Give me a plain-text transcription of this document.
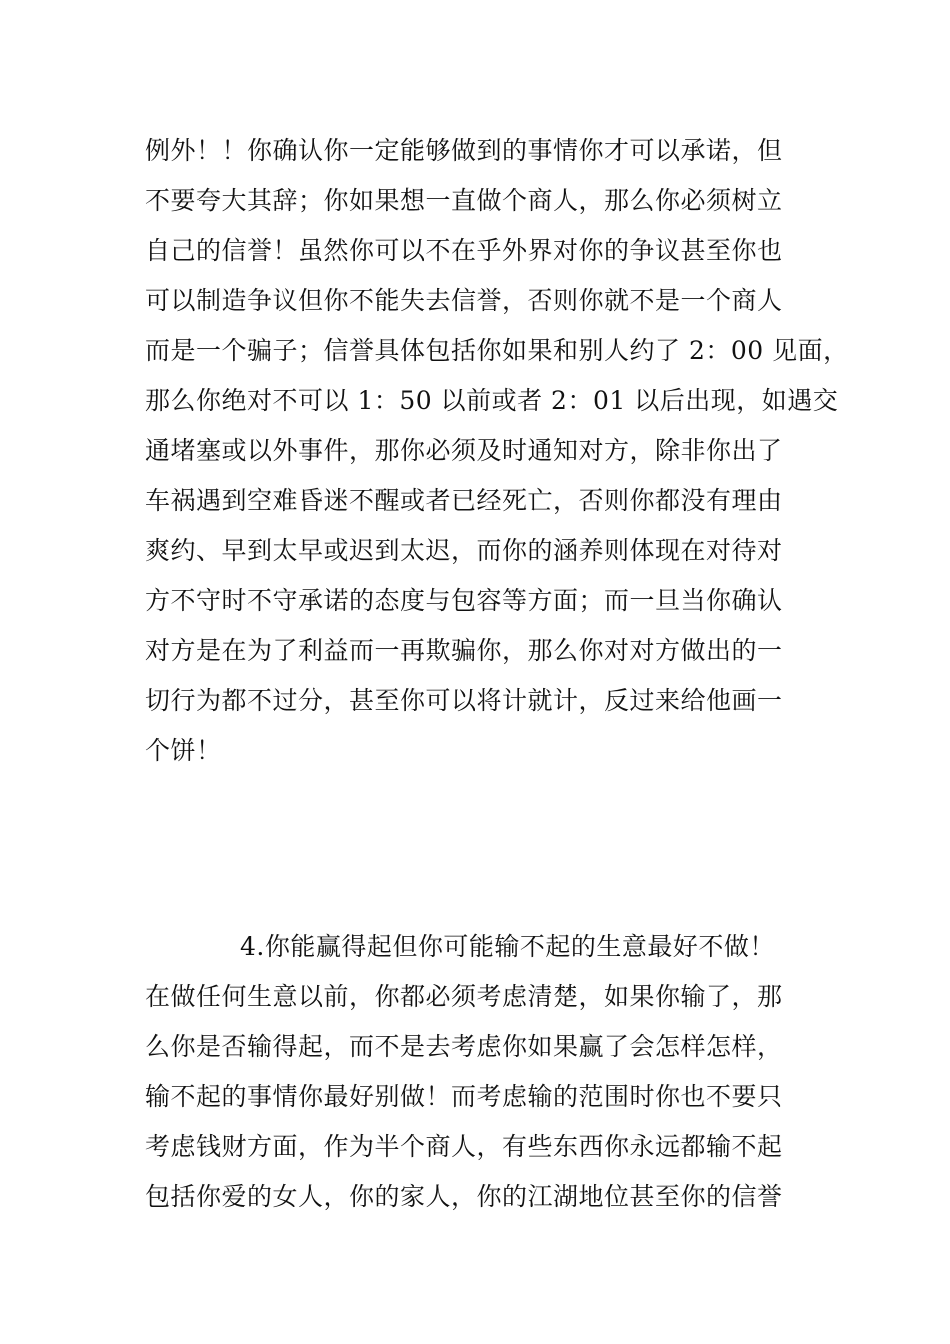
例外！！你确认你一定能够做到的事情你才可以承诺，但
不要夸大其辞；你如果想一直做个商人，那么你必须树立
自己的信誉！虽然你可以不在乎外界对你的争议甚至你也
可以制造争议但你不能失去信誉，否则你就不是一个商人
而是一个骗子；信誉具体包括你如果和别人约了 2：00 见面，
那么你绝对不可以 1：50 以前或者 2：01 以后出现，如遇交
通堵塞或以外事件，那你必须及时通知对方，除非你出了
车祸遇到空难昏迷不醒或者已经死亡，否则你都没有理由
爽约、早到太早或迟到太迟，而你的涵养则体现在对待对
方不守时不守承诺的态度与包容等方面；而一旦当你确认
对方是在为了利益而一再欺骗你，那么你对对方做出的一
切行为都不过分，甚至你可以将计就计，反过来给他画一
个饼！
4.你能赢得起但你可能输不起的生意最好不做！
在做任何生意以前，你都必须考虑清楚，如果你输了，那
么你是否输得起，而不是去考虑你如果赢了会怎样怎样，
输不起的事情你最好别做！而考虑输的范围时你也不要只
考虑钱财方面，作为半个商人，有些东西你永远都输不起
包括你爱的女人，你的家人，你的江湖地位甚至你的信誉
